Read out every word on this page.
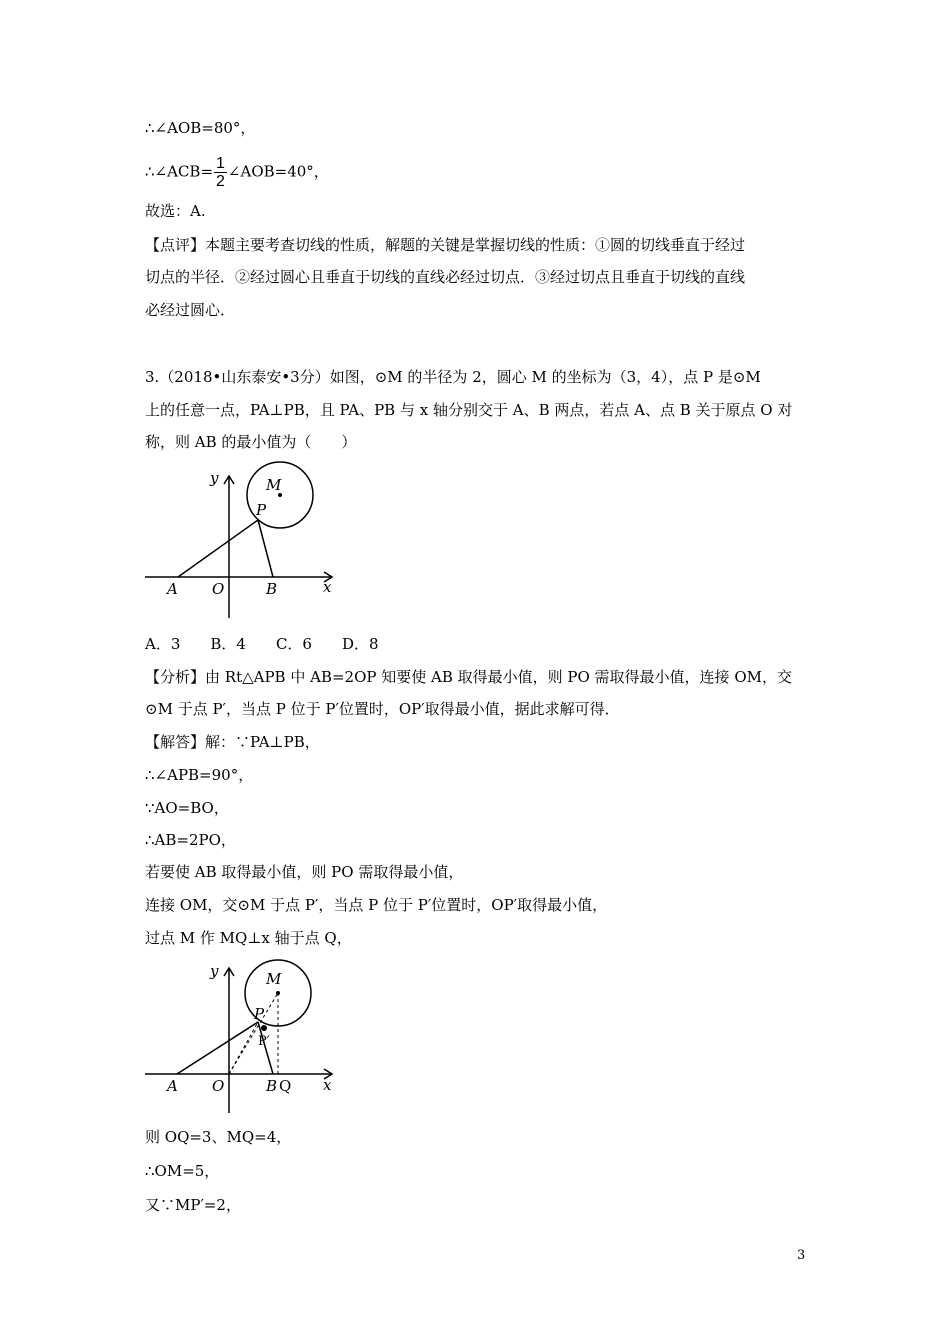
∴∠AOB=80°，
∴∠ACB= $\frac{1}{2}$ ∠AOB=40°，
故选：A.
【点评】本题主要考查切线的性质，解题的关键是掌握切线的性质：①圆的切线垂直于经过
切点的半径．②经过圆心且垂直于切线的直线必经过切点．③经过切点且垂直于切线的直线
必经过圆心．
3.（2018•山东泰安•3分）如图，⊙M 的半径为 2，圆心 M 的坐标为（3，4），点 P 是⊙M
上的任意一点，PA⊥PB，且 PA、PB 与 x 轴分别交于 A、B 两点，若点 A、点 B 关于原点 O 对
称，则 AB 的最小值为（　　）
y
x
M
P
A O	B
A．3　　B．4　　C．6　　D．8
【分析】由 Rt△APB 中 AB=2OP 知要使 AB 取得最小值，则 PO 需取得最小值，连接 OM，交
⊙M 于点 P′，当点 P 位于 P′位置时，OP′取得最小值，据此求解可得．
【解答】解：∵PA⊥PB，
∴∠APB=90°，
∵AO=BO，
∴AB=2PO，
若要使 AB 取得最小值，则 PO 需取得最小值，
连接 OM，交⊙M 于点 P′，当点 P 位于 P′位置时，OP′取得最小值，
过点 M 作 MQ⊥x 轴于点 Q，
y
x
M
P
P′
A O	B Q
则 OQ=3、MQ=4，
∴OM=5，
又∵MP′=2，
3
